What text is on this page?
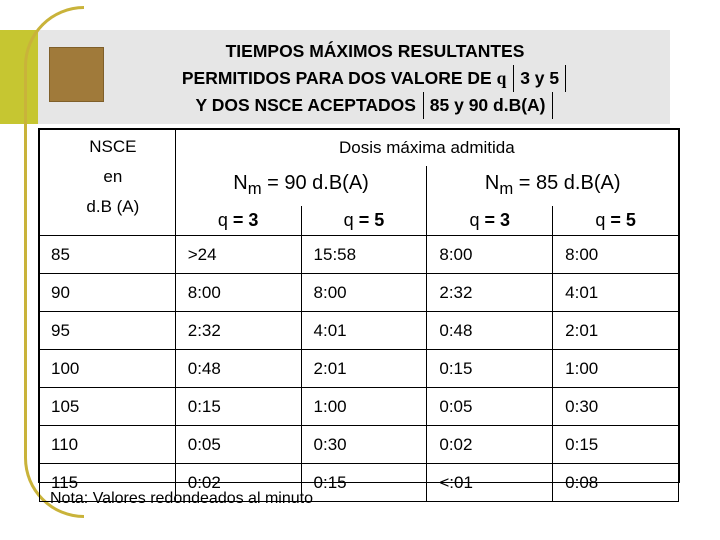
TIEMPOS MÁXIMOS RESULTANTES
PERMITIDOS PARA DOS VALORE DE q 3 y 5
Y DOS NSCE ACEPTADOS 85 y 90 d.B(A)
NSCE
en
d.B (A)	Dosis máxima admitida			
	$N_m = 90$ d.B(A)		$N_m = 85$ d.B(A)	
	q = 3	q = 5	q = 3	q = 5
85	>24	15:58	8:00	8:00
90	8:00	8:00	2:32	4:01
95	2:32	4:01	0:48	2:01
100	0:48	2:01	0:15	1:00
105	0:15	1:00	0:05	0:30
110	0:05	0:30	0:02	0:15
115	0:02	0:15	<:01	0:08
Nota: Valores redondeados al minuto
